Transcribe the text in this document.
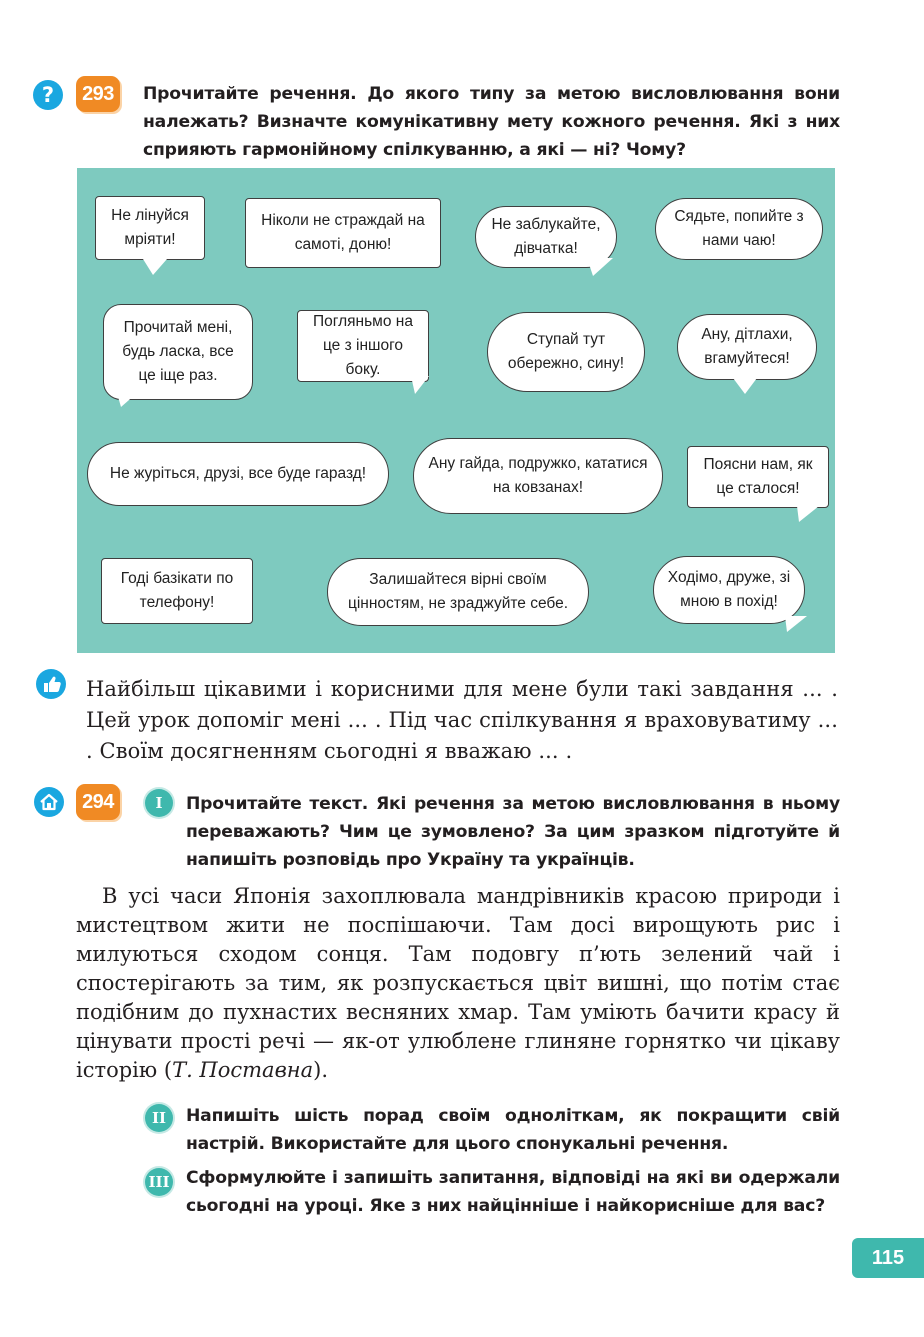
?	293	Прочитайте речення. До якого типу за метою висловлювання вони належать? Визначте комунікативну мету кожного речення. Які з них сприяють гармонійному спілкуванню, а які — ні? Чому?
Не лінуйся мріяти!
Ніколи не страждай на самоті, доню!
Не заблукайте, дівчатка!
Сядьте, попийте з нами чаю!
Прочитай мені, будь ласка, все це іще раз.
Погляньмо на це з іншого боку.
Ступай тут обережно, сину!
Ану, дітлахи, вгамуйтеся!
Не журіться, друзі, все буде гаразд!
Ану гайда, подружко, кататися на ковзанах!
Поясни нам, як це сталося!
Годі базікати по телефону!
Залишайтеся вірні своїм цінностям, не зраджуйте себе.
Ходімо, друже, зі мною в похід!
Найбільш цікавими і корисними для мене були такі завдання ... . Цей урок допоміг мені ... . Під час спілкування я враховуватиму ... . Своїм досягненням сьогодні я вважаю ... .
294	I	Прочитайте текст. Які речення за метою висловлювання в ньому переважають? Чим це зумовлено? За цим зразком підготуйте й напишіть розповідь про Україну та українців.
В усі часи Японія захоплювала мандрівників красою природи і мистецтвом жити не поспішаючи. Там досі вирощують рис і милуються сходом сонця. Там подовгу п’ють зелений чай і спостерігають за тим, як розпускається цвіт вишні, що потім стає подібним до пухнастих весняних хмар. Там уміють бачити красу й цінувати прості речі — як-от улюблене глиняне горнятко чи цікаву історію (Т. Поставна).
II	Напишіть шість порад своїм одноліткам, як покращити свій настрій. Використайте для цього спонукальні речення.
III Сформулюйте і запишіть запитання, відповіді на які ви одержали сьогодні на уроці. Яке з них найцінніше і найкорисніше для вас?
115
